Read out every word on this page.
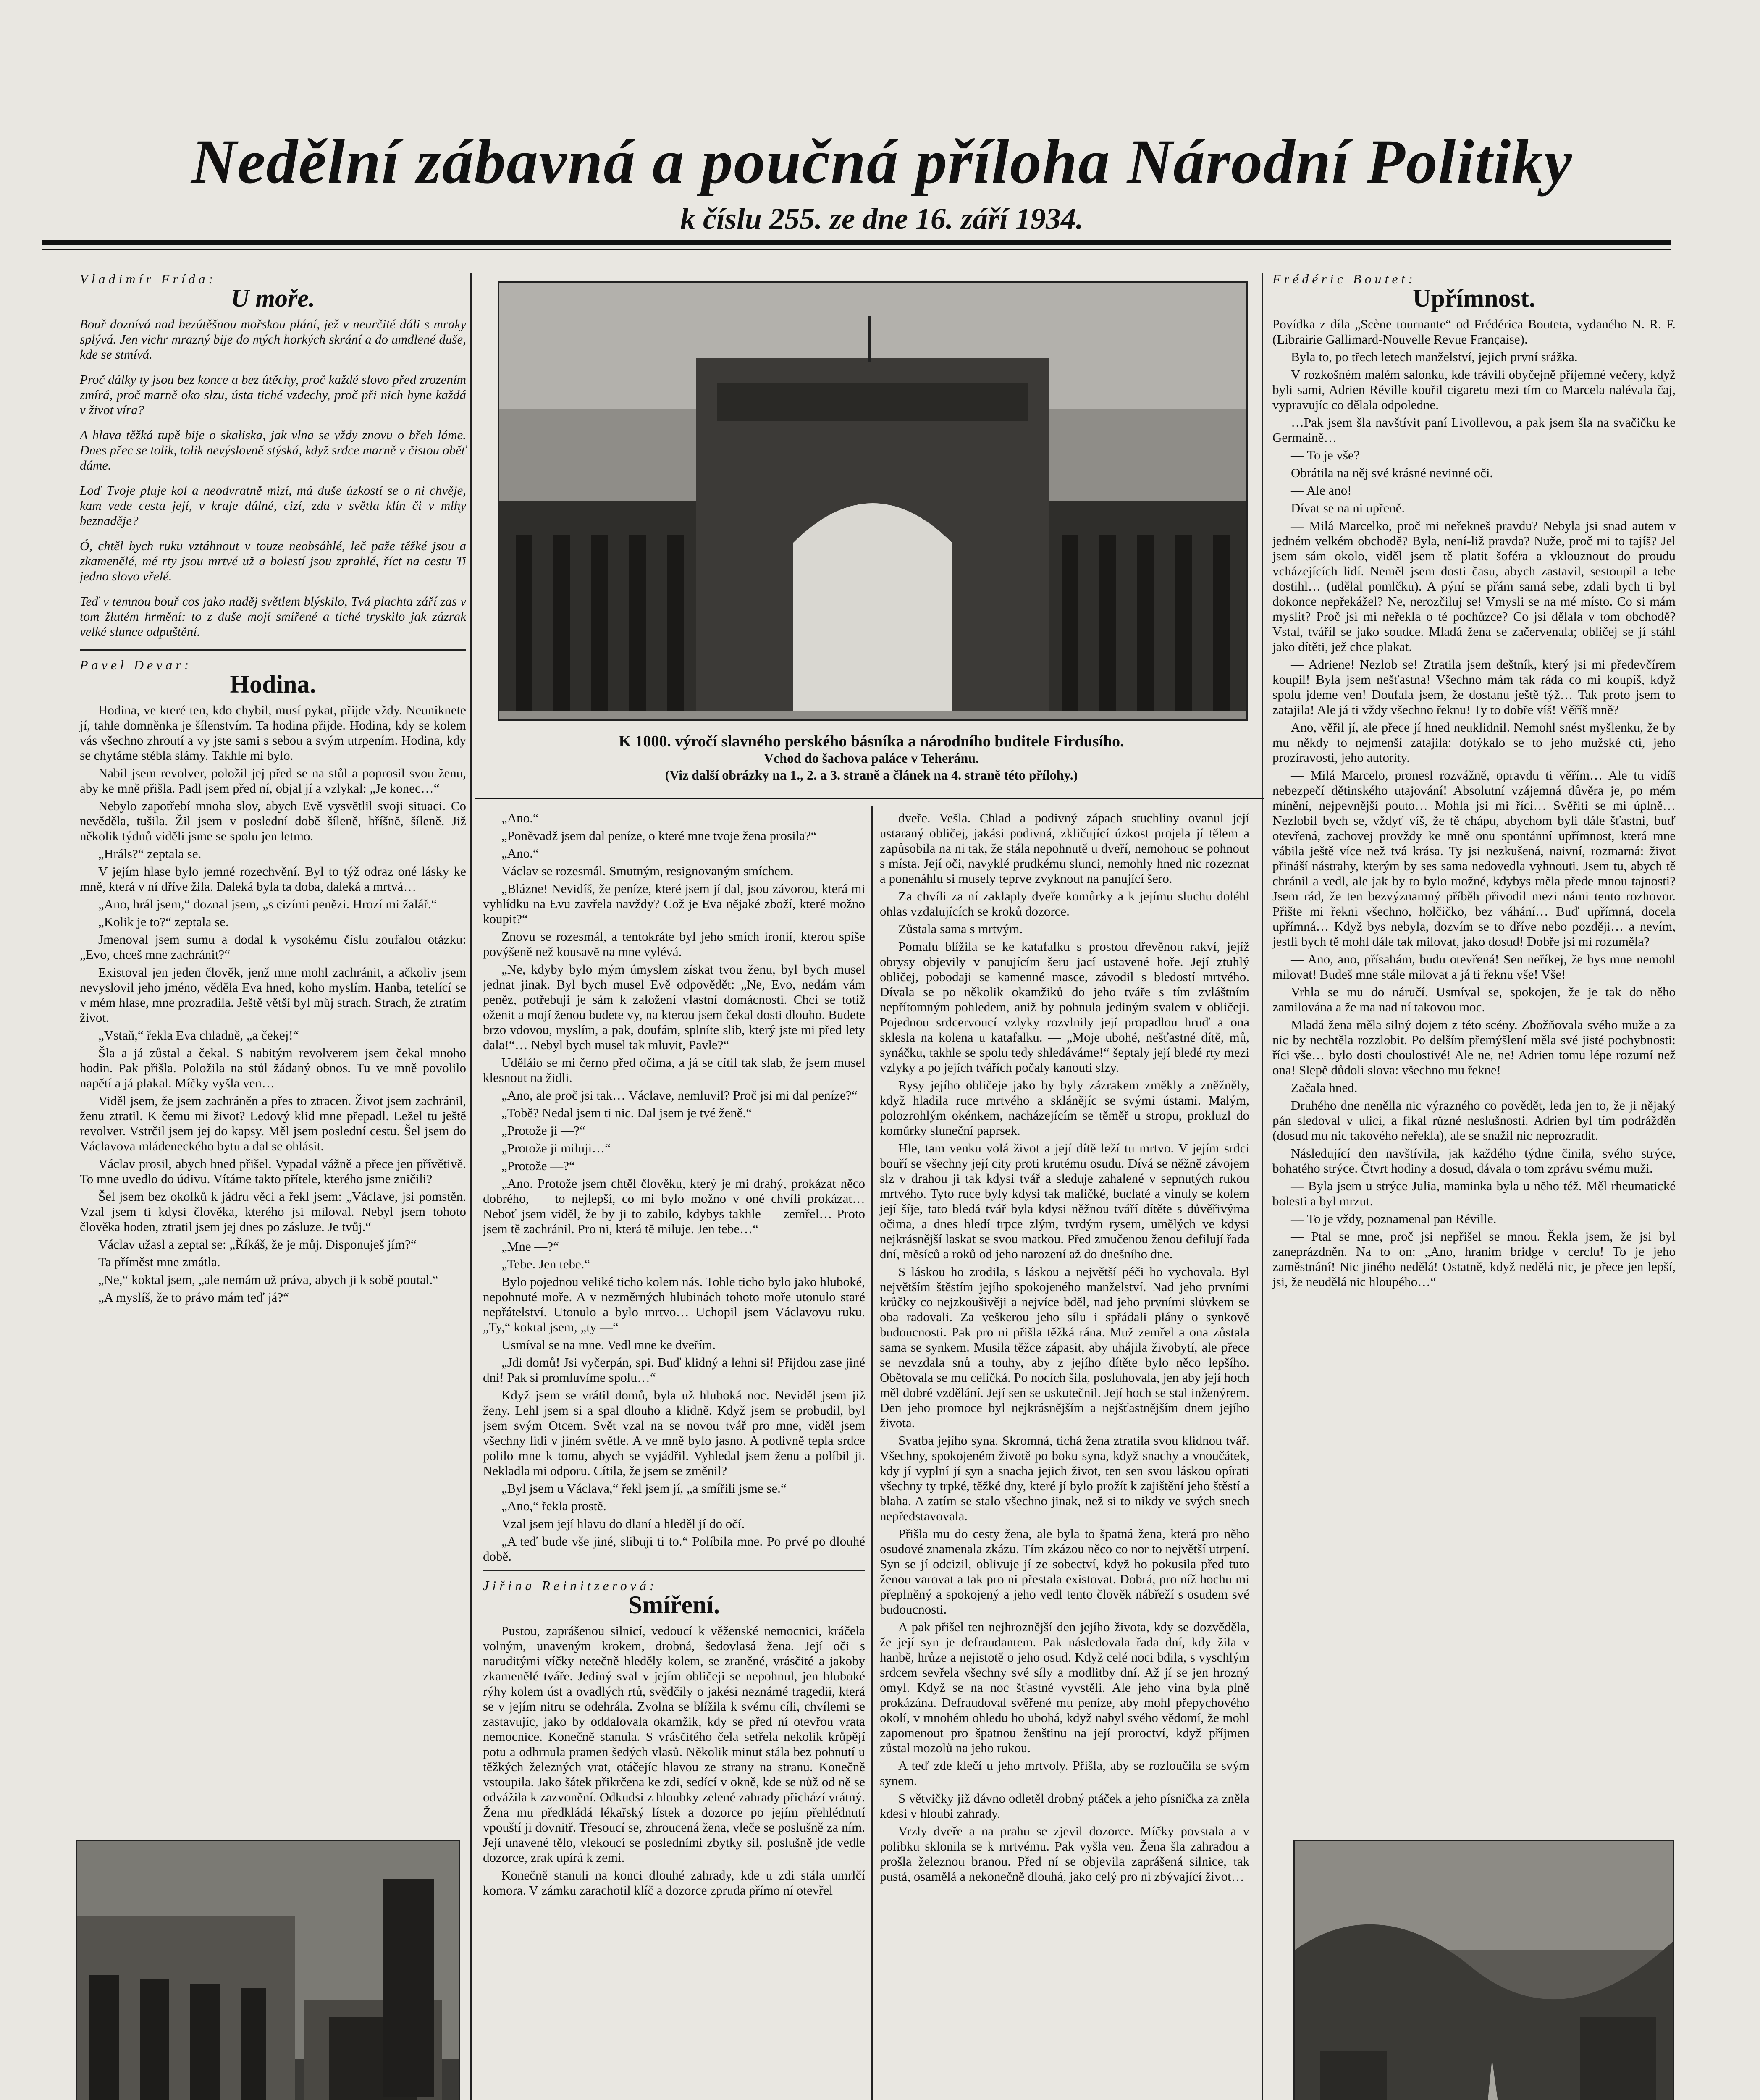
Nedělní zábavná a poučná příloha Národní Politiky
k číslu 255. ze dne 16. září 1934.
Vladimír Frída:
U moře.

Bouř doznívá nad bezútěšnou mořskou plání, jež v neurčité dáli s mraky splývá. Jen vichr mrazný bije do mých horkých skrání a do umdlené duše, kde se stmívá.

Proč dálky ty jsou bez konce a bez útěchy, proč každé slovo před zrozením zmírá, proč marně oko slzu, ústa tiché vzdechy, proč při nich hyne každá v život víra?

A hlava těžká tupě bije o skaliska, jak vlna se vždy znovu o břeh láme. Dnes přec se tolik, tolik nevýslovně stýská, když srdce marně v čistou oběť dáme.

Loď Tvoje pluje kol a neodvratně mizí, má duše úzkostí se o ni chvěje, kam vede cesta její, v kraje dálné, cizí, zda v světla klín či v mlhy beznaděje?

Ó, chtěl bych ruku vztáhnout v touze neobsáhlé, leč paže těžké jsou a zkamenělé, mé rty jsou mrtvé už a bolestí jsou zprahlé, říct na cestu Ti jedno slovo vřelé.

Teď v temnou bouř cos jako naděj světlem blýskilo, Tvá plachta září zas v tom žlutém hrmění: to z duše mojí smířené a tiché tryskilo jak zázrak velké slunce odpuštění.

Pavel Devar:
Hodina.

Hodina, ve které ten, kdo chybil, musí pykat, přijde vždy. Neuniknete jí, tahle domněnka je šílenstvím. Ta hodina přijde. Hodina, kdy se kolem vás všechno zhroutí a vy jste sami s sebou a svým utrpením. Hodina, kdy se chytáme stébla slámy. Takhle mi bylo.

Nabil jsem revolver, položil jej před se na stůl a poprosil svou ženu, aby ke mně přišla. Padl jsem před ní, objal jí a vzlykal: „Je konec…“

Nebylo zapotřebí mnoha slov, abych Evě vysvětlil svoji situaci. Co nevěděla, tušila. Žil jsem v poslední době šíleně, hříšně, šíleně. Již několik týdnů viděli jsme se spolu jen letmo.

„Hráls?“ zeptala se.

V jejím hlase bylo jemné rozechvění. Byl to týž odraz oné lásky ke mně, která v ní dříve žila. Daleká byla ta doba, daleká a mrtvá…

„Ano, hrál jsem,“ doznal jsem, „s cizími penězi. Hrozí mi žalář.“

„Kolik je to?“ zeptala se.

Jmenoval jsem sumu a dodal k vysokému číslu zoufalou otázku: „Evo, chceš mne zachránit?“

Existoval jen jeden člověk, jenž mne mohl zachránit, a ačkoliv jsem nevyslovil jeho jméno, věděla Eva hned, koho myslím. Hanba, tetelící se v mém hlase, mne prozradila. Ještě větší byl můj strach. Strach, že ztratím život.

„Vstaň,“ řekla Eva chladně, „a čekej!“

Šla a já zůstal a čekal. S nabitým revolverem jsem čekal mnoho hodin. Pak přišla. Položila na stůl žádaný obnos. Tu ve mně povolilo napětí a já plakal. Míčky vyšla ven…

Viděl jsem, že jsem zachráněn a přes to ztracen. Život jsem zachránil, ženu ztratil. K čemu mi život? Ledový klid mne přepadl. Ležel tu ještě revolver. Vstrčil jsem jej do kapsy. Měl jsem poslední cestu. Šel jsem do Václavova mládeneckého bytu a dal se ohlásit.

Václav prosil, abych hned přišel. Vypadal vážně a přece jen přívětivě. To mne uvedlo do údivu. Vítáme takto přítele, kterého jsme zničili?

Šel jsem bez okolků k jádru věci a řekl jsem: „Václave, jsi pomstěn. Vzal jsem ti kdysi člověka, kterého jsi miloval. Nebyl jsem tohoto člověka hoden, ztratil jsem jej dnes po zásluze. Je tvůj.“

Václav užasl a zeptal se: „Říkáš, že je můj. Disponuješ jím?“

Ta příměst mne zmátla.

„Ne,“ koktal jsem, „ale nemám už práva, abych ji k sobě poutal.“

„A myslíš, že to právo mám teď já?“

K 1000. výročí slavného perského básníka a národního buditele Firdusího.
Vchod do šachova paláce v Teheránu.
(Viz další obrázky na 1., 2. a 3. straně a článek na 4. straně této přílohy.)

„Ano.“

„Poněvadž jsem dal peníze, o které mne tvoje žena prosila?“

„Ano.“

Václav se rozesmál. Smutným, resignovaným smíchem.

„Blázne! Nevidíš, že peníze, které jsem jí dal, jsou závorou, která mi vyhlídku na Evu zavřela navždy? Což je Eva nějaké zboží, které možno koupit?“

Znovu se rozesmál, a tentokráte byl jeho smích ironií, kterou spíše povýšeně než kousavě na mne vylévá.

„Ne, kdyby bylo mým úmyslem získat tvou ženu, byl bych musel jednat jinak. Byl bych musel Evě odpovědět: „Ne, Evo, nedám vám peněz, potřebuji je sám k založení vlastní domácnosti. Chci se totiž oženit a mojí ženou budete vy, na kterou jsem čekal dosti dlouho. Budete brzo vdovou, myslím, a pak, doufám, splníte slib, který jste mi před lety dala!“… Nebyl bych musel tak mluvit, Pavle?“

Uděláiо se mi černo před očima, a já se cítil tak slab, že jsem musel klesnout na židli.

„Ano, ale proč jsi tak… Václave, nemluvil? Proč jsi mi dal peníze?“

„Tobě? Nedal jsem ti nic. Dal jsem je tvé ženě.“

„Protože ji —?“

„Protože ji miluji…“

„Protože —?“

„Ano. Protože jsem chtěl člověku, který je mi drahý, prokázat něco dobrého, — to nejlepší, co mi bylo možno v oné chvíli prokázat… Neboť jsem viděl, že by ji to zabilo, kdybys takhle — zemřel… Proto jsem tě zachránil. Pro ni, která tě miluje. Jen tebe…“

„Mne —?“

„Tebe. Jen tebe.“

Bylo pojednou veliké ticho kolem nás. Tohle ticho bylo jako hluboké, nepohnuté moře. A v nezměrných hlubinách tohoto moře utonulo staré nepřátelství. Utonulo a bylo mrtvo… Uchopil jsem Václavovu ruku. „Ty,“ koktal jsem, „ty —“

Usmíval se na mne. Vedl mne ke dveřím.

„Jdi domů! Jsi vyčerpán, spi. Buď klidný a lehni si! Přijdou zase jiné dni! Pak si promluvíme spolu…“

Když jsem se vrátil domů, byla už hluboká noc. Neviděl jsem již ženy. Lehl jsem si a spal dlouho a klidně. Když jsem se probudil, byl jsem svým Otcem. Svět vzal na se novou tvář pro mne, viděl jsem všechny lidi v jiném světle. A ve mně bylo jasno. A podivně tepla srdce polilo mne k tomu, abych se vyjádřil. Vyhledal jsem ženu a políbil ji. Nekladla mi odporu. Cítila, že jsem se změnil?

„Byl jsem u Václava,“ řekl jsem jí, „a smířili jsme se.“

„Ano,“ řekla prostě.

Vzal jsem její hlavu do dlaní a hleděl jí do očí.

„A teď bude vše jiné, slibuji ti to.“ Políbila mne. Po prvé po dlouhé době.

Jiřina Reinitzerová:
Smíření.

Pustou, zaprášenou silnicí, vedoucí k věženské nemocnici, kráčela volným, unaveným krokem, drobná, šedovlasá žena. Její oči s naruditými víčky netečně hleděly kolem, se zraněné, vrásčité a jakoby zkamenělé tváře. Jediný sval v jejím obličeji se nepohnul, jen hluboké rýhy kolem úst a ovadlých rtů, svědčily o jakési neznámé tragedii, která se v jejím nitru se odehrála. Zvolna se blížila k svému cíli, chvílemi se zastavujíc, jako by oddalovala okamžik, kdy se před ní otevřou vrata nemocnice. Konečně stanula. S vrásčitého čela setřela nekolik krůpějí potu a odhrnula pramen šedých vlasů. Několik minut stála bez pohnutí u těžkých železných vrat, otáčejíc hlavou ze strany na stranu. Konečně vstoupila. Jako šátek přikrčena ke zdi, sedící v okně, kde se nůž od ně se odvážila k zazvonění. Odkudsi z hloubky zelené zahrady přichází vrátný. Žena mu předkládá lékařský lístek a dozorce po jejím přehlédnutí vpouští ji dovnitř. Třesoucí se, zhroucená žena, vleče se poslušně za ním. Její unavené tělo, vlekoucí se posledními zbytky sil, poslušně jde vedle dozorce, zrak upírá k zemi.

Konečně stanuli na konci dlouhé zahrady, kde u zdi stála umrlčí komora. V zámku zarachotil klíč a dozorce zpruda přímo ní otevřel

dveře. Vešla. Chlad a podivný zápach stuchliny ovanul její ustaraný obličej, jakási podivná, zkličující úzkost projela jí tělem a zapůsobila na ni tak, že stála nepohnutě u dveří, nemohouc se pohnout s místa. Její oči, navyklé prudkému slunci, nemohly hned nic rozeznat a ponenáhlu si musely teprve zvyknout na panující šero.

Za chvíli za ní zaklaply dveře komůrky a k jejímu sluchu doléhl ohlas vzdalujících se kroků dozorce.

Zůstala sama s mrtvým.

Pomalu blížila se ke katafalku s prostou dřevěnou rakví, jejíž obrysy objevily v panujícím šeru jací ustavené hoře. Její ztuhlý obličej, pobodaji se kamenné masce, závodil s bledostí mrtvého. Dívala se po několik okamžiků do jeho tváře s tím zvláštním nepřítomným pohledem, aniž by pohnula jediným svalem v obličeji. Pojednou srdcervoucí vzlyky rozvlnily její propadlou hruď a ona sklesla na kolena u katafalku. — „Moje ubohé, nešťastné dítě, mů, synáčku, takhle se spolu tedy shledáváme!“ šeptaly její bledé rty mezi vzlyky a po jejích tvářích počaly kanouti slzy.

Rysy jejího obličeje jako by byly zázrakem změkly a zněžněly, když hladila ruce mrtvého a sklánějíc se svými ústami. Malým, polozrohlým okénkem, nacházejícím se těměř u stropu, prokluzl do komůrky sluneční paprsek.

Hle, tam venku volá život a její dítě leží tu mrtvo. V jejím srdci bouří se všechny její city proti krutému osudu. Dívá se něžně závojem slz v drahou ji tak kdysi tvář a sleduje zahalené v sepnutých rukou mrtvého. Tyto ruce byly kdysi tak maličké, buclaté a vinuly se kolem její šíje, tato bledá tvář byla kdysi něžnou tváří dítěte s důvěřivýma očima, a dnes hledí trpce zlým, tvrdým rysem, umělých ve kdysi nejkrásnější laskat se svou matkou. Před zmučenou ženou defilují řada dní, měsíců a roků od jeho narození až do dnešního dne.

S láskou ho zrodila, s láskou a největší péči ho vychovala. Byl největším štěstím jejího spokojeného manželství. Nad jeho prvními krůčky co nejzkoušivěji a nejvíce bděl, nad jeho prvními slůvkem se oba radovali. Za veškerou jeho sílu i spřádali plány o synkově budoucnosti. Pak pro ni přišla těžká rána. Muž zemřel a ona zůstala sama se synkem. Musila těžce zápasit, aby uhájila živobytí, ale přece se nevzdala snů a touhy, aby z jejího dítěte bylo něco lepšího. Obětovala se mu celičká. Po nocích šila, posluhovala, jen aby její hoch měl dobré vzdělání. Její sen se uskutečnil. Její hoch se stal inženýrem. Den jeho promoce byl nejkrásnějším a nejšťastnějším dnem jejího života.

Svatba jejího syna. Skromná, tichá žena ztratila svou klidnou tvář. Všechny, spokojeném životě po boku syna, když snachy a vnoučátek, kdy jí vyplní jí syn a snacha jejich život, ten sen svou láskou opírati všechny ty trpké, těžké dny, které jí bylo prožít k zajištění jeho štěstí a blaha. A zatím se stalo všechno jinak, než si to nikdy ve svých snech nepředstavovala.

Přišla mu do cesty žena, ale byla to špatná žena, která pro něho osudové znamenala zkázu. Tím zkázou něco co nor to největší utrpení. Syn se jí odcizil, oblivuje jí ze sobectví, když ho pokusila před tuto ženou varovat a tak pro ni přestala existovat. Dobrá, pro níž hochu mi přeplněný a spokojený a jeho vedl tento člověk nábřeží s osudem své budoucnosti.

A pak přišel ten nejhroznější den jejího života, kdy se dozvěděla, že její syn je defraudantem. Pak následovala řada dní, kdy žila v hanbě, hrůze a nejistotě o jeho osud. Když celé noci bdila, s vyschlým srdcem sevřela všechny své síly a modlitby dní. Až jí se jen hrozný omyl. Když se na noc šťastné vyvstěli. Ale jeho vina byla plně prokázána. Defraudoval svěřené mu peníze, aby mohl přepychového okolí, v mnohém ohledu ho ubohá, když nabyl svého vědomí, že mohl zapomenout pro špatnou ženštinu na její proroctví, když příjmen zůstal mozolů na jeho rukou.

A teď zde klečí u jeho mrtvoly. Přišla, aby se rozloučila se svým synem.

S větvičky již dávno odletěl drobný ptáček a jeho písnička za zněla kdesi v hloubi zahrady.

Vrzly dveře a na prahu se zjevil dozorce. Míčky povstala a v polibku sklonila se k mrtvému. Pak vyšla ven. Žena šla zahradou a prošla železnou branou. Před ní se objevila zaprášená silnice, tak pustá, osamělá a nekonečně dlouhá, jako celý pro ni zbývající život…

Frédéric Boutet:
Upřímnost.

Povídka z díla „Scène tournante“ od Frédérica Bouteta, vydaného N. R. F. (Librairie Gallimard-Nouvelle Revue Française).

Byla to, po třech letech manželství, jejich první srážka.

V rozkošném malém salonku, kde trávili obyčejně příjemné večery, když byli sami, Adrien Réville kouřil cigaretu mezi tím co Marcela nalévala čaj, vypravujíc co dělala odpoledne.

…Pak jsem šla navštívit paní Livollevou, a pak jsem šla na svačičku ke Germaině…

— To je vše?

Obrátila na něj své krásné nevinné oči.

— Ale ano!

Dívat se na ni upřeně.

— Milá Marcelko, proč mi neřekneš pravdu? Nebyla jsi snad autem v jedném velkém obchodě? Byla, není-liž pravda? Nuže, proč mi to tajíš? Jel jsem sám okolo, viděl jsem tě platit šoféra a vklouznout do proudu vcházejících lidí. Neměl jsem dosti času, abych zastavil, sestoupil a tebe dostihl… (udělal pomlčku). A pýní se přám samá sebe, zdali bych ti byl dokonce nepřekážel? Ne, nerozčiluj se! Vmysli se na mé místo. Co si mám myslit? Proč jsi mi neřekla o té pochůzce? Co jsi dělala v tom obchodě? Vstal, tváříl se jako soudce. Mladá žena se začervenala; obličej se jí stáhl jako dítěti, jež chce plakat.

— Adriene! Nezlob se! Ztratila jsem deštník, který jsi mi předevčírem koupil! Byla jsem nešťastna! Všechno mám tak ráda co mi koupíš, když spolu jdeme ven! Doufala jsem, že dostanu ještě týž… Tak proto jsem to zatajila! Ale já ti vždy všechno řeknu! Ty to dobře víš! Věříš mně?

Ano, věřil jí, ale přece jí hned neuklidnil. Nemohl snést myšlenku, že by mu někdy to nejmenší zatajila: dotýkalo se to jeho mužské cti, jeho prozíravosti, jeho autority.

— Milá Marcelo, pronesl rozvážně, opravdu ti věřím… Ale tu vidíš nebezpečí dětinského utajování! Absolutní vzájemná důvěra je, po mém mínění, nejpevnější pouto… Mohla jsi mi říci… Svěřiti se mi úplně… Nezlobil bych se, vždyť víš, že tě chápu, abychom byli dále šťastni, buď otevřená, zachovej provždy ke mně onu spontánní upřímnost, která mne vábila ještě více než tvá krása. Ty jsi nezkušená, naivní, rozmarná: život přináší nástrahy, kterým by ses sama nedovedla vyhnouti. Jsem tu, abych tě chránil a vedl, ale jak by to bylo možné, kdybys měla přede mnou tajnosti? Jsem rád, že ten bezvýznamný příběh přivodil mezi námi tento rozhovor. Přište mi řekni všechno, holčičko, bez váhání… Buď upřímná, docela upřímná… Když bys nebyla, dozvím se to dříve nebo později… a nevím, jestli bych tě mohl dále tak milovat, jako dosud! Dobře jsi mi rozuměla?

— Ano, ano, přísahám, budu otevřená! Sen neříkej, že bys mne nemohl milovat! Budeš mne stále milovat a já ti řeknu vše! Vše!

Vrhla se mu do náručí. Usmíval se, spokojen, že je tak do něho zamilována a že ma nad ní takovou moc.

Mladá žena měla silný dojem z této scény. Zbožňovala svého muže a za nic by nechtěla rozzlobit. Po delším přemýšlení měla své jisté pochybnosti: říci vše… bylo dosti choulostivé! Ale ne, ne! Adrien tomu lépe rozumí než ona! Slepě důdoli slova: všechno mu řekne!

Začala hned.

Druhého dne nenělla nic výrazného co povědět, leda jen to, že ji nějaký pán sledoval v ulici, a fikal různé neslušnosti. Adrien byl tím podrážděn (dosud mu nic takového neřekla), ale se snažil nic neprozradit.

Následující den navštívila, jak každého týdne činila, svého strýce, bohatého strýce. Čtvrt hodiny a dosud, dávala o tom zprávu svému muži.

— Byla jsem u strýce Julia, maminka byla u něho též. Měl rheumatické bolesti a byl mrzut.

— To je vždy, poznamenal pan Réville.

— Ptal se mne, proč jsi nepřišel se mnou. Řekla jsem, že jsi byl zaneprázdněn. Na to on: „Ano, hranim bridge v cerclu! To je jeho zaměstnání! Nic jiného nedělá! Ostatně, když nedělá nic, je přece jen lepší, jsi, že neudělá nic hloupého…“
